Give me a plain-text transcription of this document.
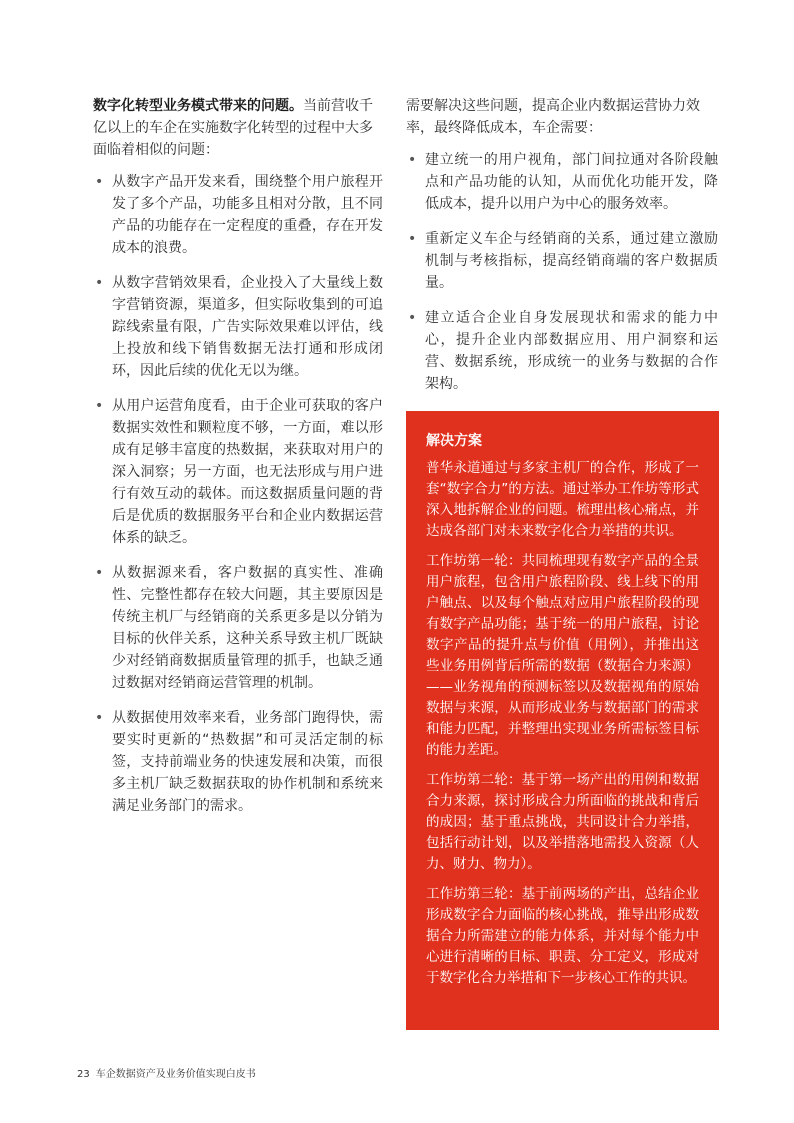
数字化转型业务模式带来的问题。当前营收千亿以上的车企在实施数字化转型的过程中大多面临着相似的问题：

• 从数字产品开发来看，围绕整个用户旅程开发了多个产品，功能多且相对分散，且不同产品的功能存在一定程度的重叠，存在开发成本的浪费。
• 从数字营销效果看，企业投入了大量线上数字营销资源，渠道多，但实际收集到的可追踪线索量有限，广告实际效果难以评估，线上投放和线下销售数据无法打通和形成闭环，因此后续的优化无以为继。
• 从用户运营角度看，由于企业可获取的客户数据实效性和颗粒度不够，一方面，难以形成有足够丰富度的热数据，来获取对用户的深入洞察；另一方面，也无法形成与用户进行有效互动的载体。而这数据质量问题的背后是优质的数据服务平台和企业内数据运营体系的缺乏。
• 从数据源来看，客户数据的真实性、准确性、完整性都存在较大问题，其主要原因是传统主机厂与经销商的关系更多是以分销为目标的伙伴关系，这种关系导致主机厂既缺少对经销商数据质量管理的抓手，也缺乏通过数据对经销商运营管理的机制。
• 从数据使用效率来看，业务部门跑得快，需要实时更新的“热数据”和可灵活定制的标签，支持前端业务的快速发展和决策，而很多主机厂缺乏数据获取的协作机制和系统来满足业务部门的需求。

需要解决这些问题，提高企业内数据运营协力效率，最终降低成本，车企需要：

• 建立统一的用户视角，部门间拉通对各阶段触点和产品功能的认知，从而优化功能开发，降低成本，提升以用户为中心的服务效率。
• 重新定义车企与经销商的关系，通过建立激励机制与考核指标，提高经销商端的客户数据质量。
• 建立适合企业自身发展现状和需求的能力中心，提升企业内部数据应用、用户洞察和运营、数据系统，形成统一的业务与数据的合作架构。

解决方案

普华永道通过与多家主机厂的合作，形成了一套“数字合力”的方法。通过举办工作坊等形式深入地拆解企业的问题。梳理出核心痛点，并达成各部门对未来数字化合力举措的共识。

工作坊第一轮：共同梳理现有数字产品的全景用户旅程，包含用户旅程阶段、线上线下的用户触点、以及每个触点对应用户旅程阶段的现有数字产品功能；基于统一的用户旅程，讨论数字产品的提升点与价值（用例），并推出这些业务用例背后所需的数据（数据合力来源）——业务视角的预测标签以及数据视角的原始数据与来源，从而形成业务与数据部门的需求和能力匹配，并整理出实现业务所需标签目标的能力差距。

工作坊第二轮：基于第一场产出的用例和数据合力来源，探讨形成合力所面临的挑战和背后的成因；基于重点挑战，共同设计合力举措，包括行动计划，以及举措落地需投入资源（人力、财力、物力）。

工作坊第三轮：基于前两场的产出，总结企业形成数字合力面临的核心挑战，推导出形成数据合力所需建立的能力体系，并对每个能力中心进行清晰的目标、职责、分工定义，形成对于数字化合力举措和下一步核心工作的共识。

23 车企数据资产及业务价值实现白皮书
